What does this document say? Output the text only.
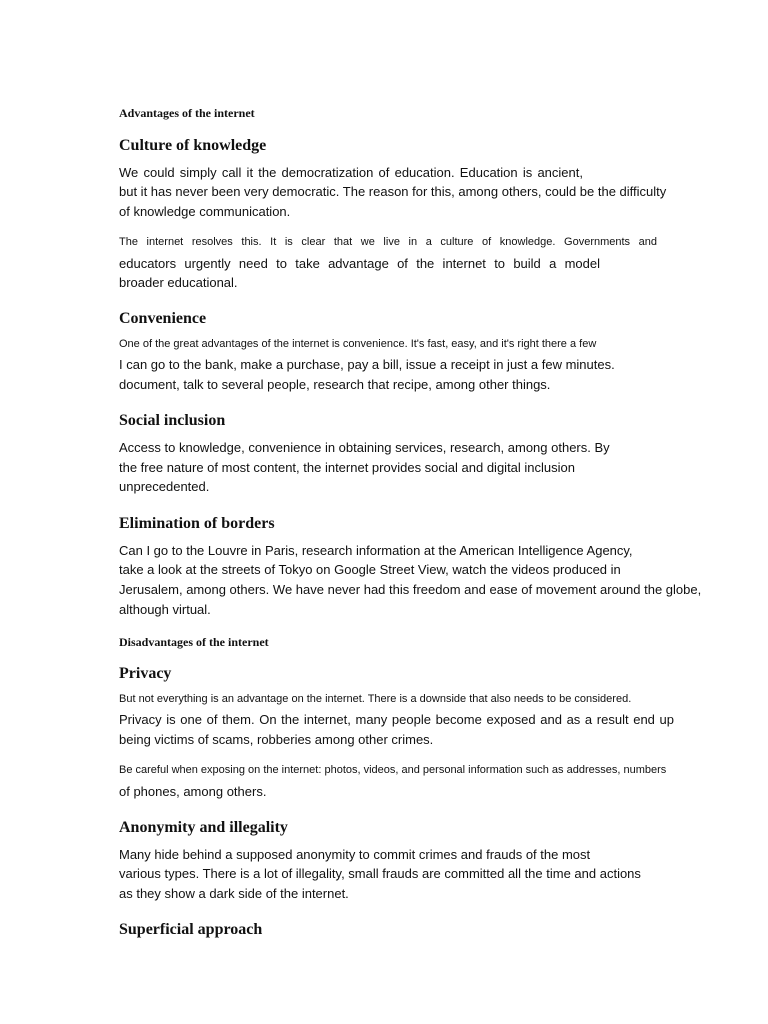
Advantages of the internet

Culture of knowledge

We could simply call it the democratization of education. Education is ancient,

but it has never been very democratic. The reason for this, among others, could be the difficulty

of knowledge communication.

The internet resolves this. It is clear that we live in a culture of knowledge. Governments and

educators urgently need to take advantage of the internet to build a model

broader educational.

Convenience

One of the great advantages of the internet is convenience. It's fast, easy, and it's right there a few

I can go to the bank, make a purchase, pay a bill, issue a receipt in just a few minutes.

document, talk to several people, research that recipe, among other things.

Social inclusion

Access to knowledge, convenience in obtaining services, research, among others. By

the free nature of most content, the internet provides social and digital inclusion

unprecedented.

Elimination of borders

Can I go to the Louvre in Paris, research information at the American Intelligence Agency,

take a look at the streets of Tokyo on Google Street View, watch the videos produced in

Jerusalem, among others. We have never had this freedom and ease of movement around the globe,

although virtual.

Disadvantages of the internet

Privacy

But not everything is an advantage on the internet. There is a downside that also needs to be considered.

Privacy is one of them. On the internet, many people become exposed and as a result end up

being victims of scams, robberies among other crimes.

Be careful when exposing on the internet: photos, videos, and personal information such as addresses, numbers

of phones, among others.

Anonymity and illegality

Many hide behind a supposed anonymity to commit crimes and frauds of the most

various types. There is a lot of illegality, small frauds are committed all the time and actions

as they show a dark side of the internet.

Superficial approach
